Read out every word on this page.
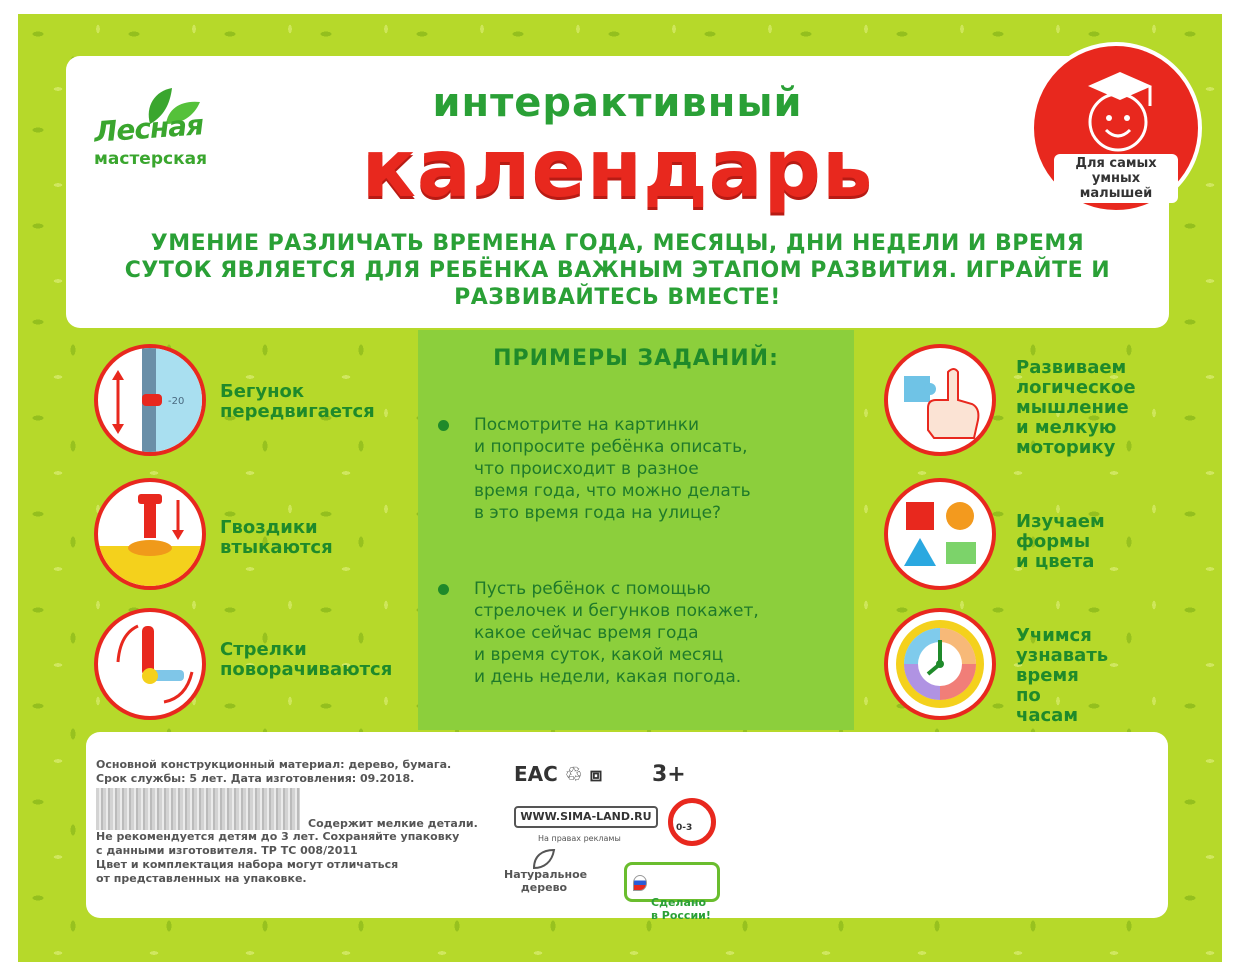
Лесная
мастерская
интерактивный
календарь
УМЕНИЕ РАЗЛИЧАТЬ ВРЕМЕНА ГОДА, МЕСЯЦЫ, ДНИ НЕДЕЛИ И ВРЕМЯ СУТОК ЯВЛЯЕТСЯ ДЛЯ РЕБЁНКА ВАЖНЫМ ЭТАПОМ РАЗВИТИЯ. ИГРАЙТЕ И РАЗВИВАЙТЕСЬ ВМЕСТЕ!
Для самых умных малышей
-20 Бегунок
передвигается
Гвоздики
втыкаются
Стрелки
поворачиваются
ПРИМЕРЫ ЗАДАНИЙ:
Посмотрите на картинки
и попросите ребёнка описать,
что происходит в разное
время года, что можно делать
в это время года на улице?
Пусть ребёнок с помощью
стрелочек и бегунков покажет,
какое сейчас время года
и время суток, какой месяц
и день недели, какая погода.
Развиваем
логическое
мышление
и мелкую
моторику
Изучаем
формы
и цвета
Учимся
узнавать
время
по часам
Основной конструкционный материал: дерево, бумага.
Срок службы: 5 лет. Дата изготовления: 09.2018.
Содержит мелкие детали.
Не рекомендуется детям до 3 лет. Сохраняйте упаковку
с данными изготовителя. ТР ТС 008/2011
Цвет и комплектация набора могут отличаться
от представленных на упаковке.
EAC ♲ ⧈ 3+
WWW.SIMA-LAND.RU
На правах рекламы
0-3
Натуральное
дерево

Сделано
в России!
